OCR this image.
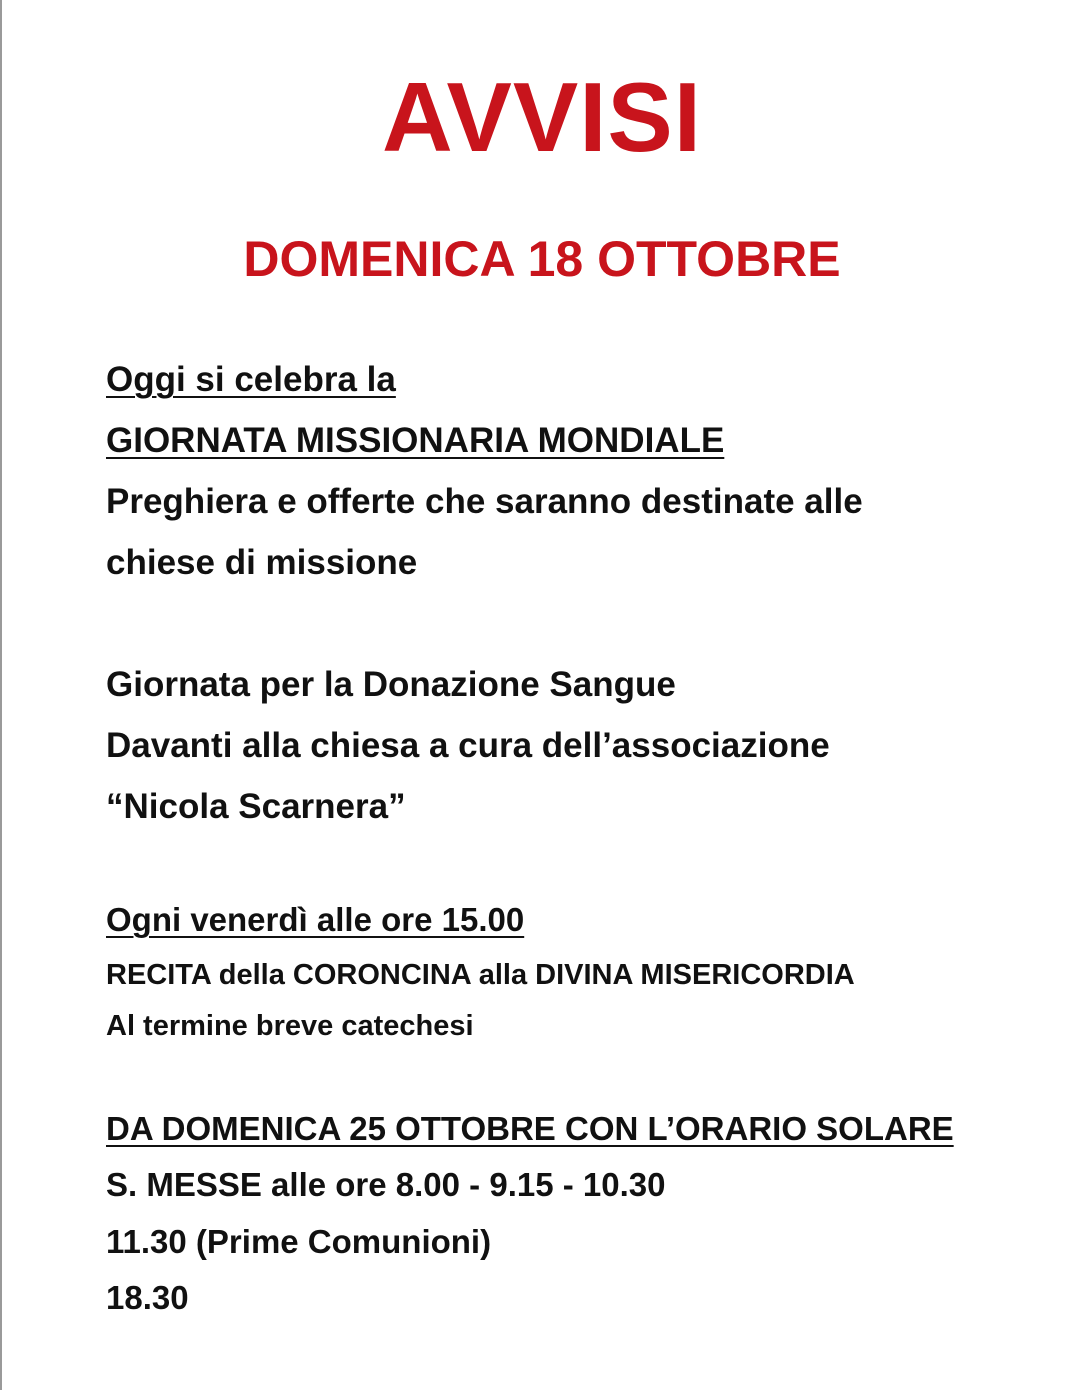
AVVISI
DOMENICA 18 OTTOBRE
Oggi si celebra la
GIORNATA MISSIONARIA MONDIALE
Preghiera e offerte che saranno destinate alle
chiese di missione
Giornata per la Donazione Sangue
Davanti alla chiesa a cura dell’associazione
“Nicola Scarnera”
Ogni venerdì alle ore 15.00
RECITA della CORONCINA alla DIVINA MISERICORDIA
Al termine breve catechesi
DA DOMENICA 25 OTTOBRE CON L’ORARIO SOLARE
S. MESSE alle ore 8.00 - 9.15 - 10.30
11.30 (Prime Comunioni)
18.30
